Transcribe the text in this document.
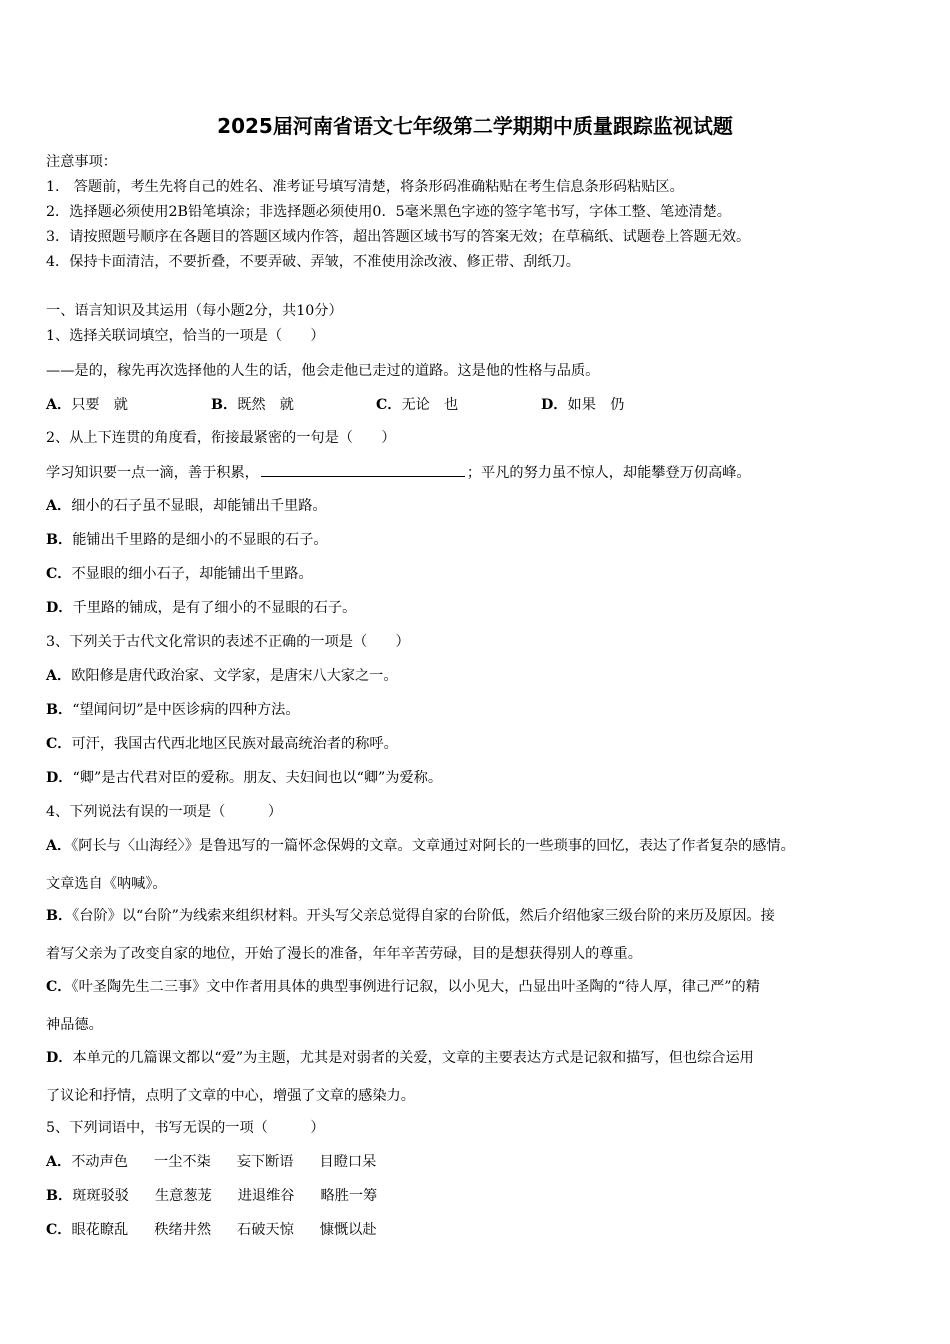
2025届河南省语文七年级第二学期期中质量跟踪监视试题
注意事项：
1.　答题前，考生先将自己的姓名、准考证号填写清楚，将条形码准确粘贴在考生信息条形码粘贴区。
2．选择题必须使用2B铅笔填涂；非选择题必须使用0．5毫米黑色字迹的签字笔书写，字体工整、笔迹清楚。
3．请按照题号顺序在各题目的答题区域内作答，超出答题区域书写的答案无效；在草稿纸、试题卷上答题无效。
4．保持卡面清洁，不要折叠，不要弄破、弄皱，不准使用涂改液、修正带、刮纸刀。
一、语言知识及其运用（每小题2分，共10分）
1、选择关联词填空，恰当的一项是（　　）
——是的，稼先再次选择他的人生的话，他会走他已走过的道路。这是他的性格与品质。
A．只要　就	B．既然　就	C．无论　也	D．如果　仍
2、从上下连贯的角度看，衔接最紧密的一句是（　　）
学习知识要一点一滴，善于积累，	；平凡的努力虽不惊人，却能攀登万仞高峰。
A．细小的石子虽不显眼，却能铺出千里路。
B．能铺出千里路的是细小的不显眼的石子。
C．不显眼的细小石子，却能铺出千里路。
D．千里路的铺成，是有了细小的不显眼的石子。
3、下列关于古代文化常识的表述不正确的一项是（　　）
A．欧阳修是唐代政治家、文学家，是唐宋八大家之一。
B．“望闻问切”是中医诊病的四种方法。
C．可汗，我国古代西北地区民族对最高统治者的称呼。
D．“卿”是古代君对臣的爱称。朋友、夫妇间也以“卿”为爱称。
4、下列说法有误的一项是（　　　）
A．《阿长与〈山海经〉》是鲁迅写的一篇怀念保姆的文章。文章通过对阿长的一些琐事的回忆，表达了作者复杂的感情。
文章选自《呐喊》。
B．《台阶》以“台阶”为线索来组织材料。开头写父亲总觉得自家的台阶低，然后介绍他家三级台阶的来历及原因。接
着写父亲为了改变自家的地位，开始了漫长的准备，年年辛苦劳碌，目的是想获得别人的尊重。
C．《叶圣陶先生二三事》文中作者用具体的典型事例进行记叙，以小见大，凸显出叶圣陶的“待人厚，律己严”的精
神品德。
D．本单元的几篇课文都以“爱”为主题，尤其是对弱者的关爱，文章的主要表达方式是记叙和描写，但也综合运用
了议论和抒情，点明了文章的中心，增强了文章的感染力。
5、下列词语中，书写无误的一项（　　　）
A．不动声色 一尘不柒 妄下断语 目瞪口呆
B．斑斑驳驳 生意葱茏 进退维谷 略胜一筹
C．眼花瞭乱 秩绪井然 石破天惊 慷慨以赴
